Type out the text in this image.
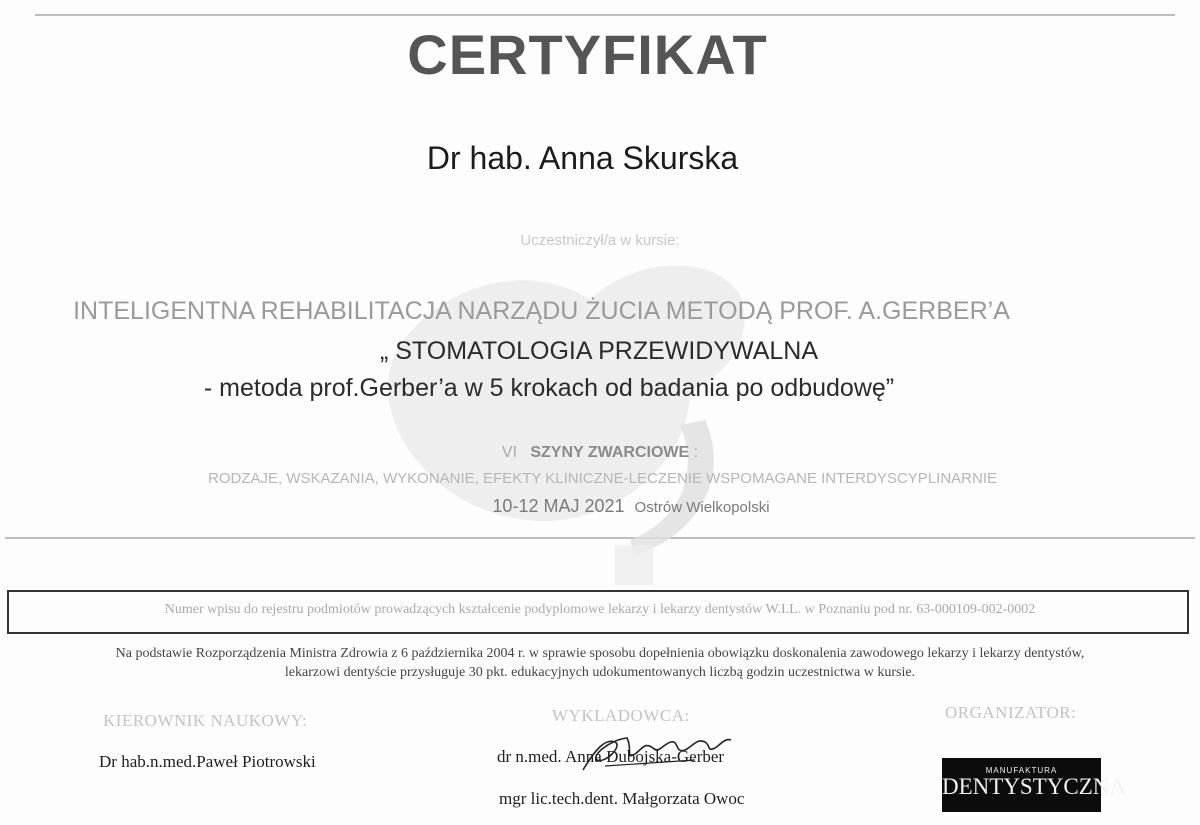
CERTYFIKAT
Dr hab. Anna Skurska
Uczestniczył/a w kursie:
INTELIGENTNA REHABILITACJA NARZĄDU ŻUCIA METODĄ PROF. A.GERBER’A
„ STOMATOLOGIA PRZEWIDYWALNA
- metoda prof.Gerber’a w 5 krokach od badania po odbudowę”
VI SZYNY ZWARCIOWE :
RODZAJE, WSKAZANIA, WYKONANIE, EFEKTY KLINICZNE-LECZENIE WSPOMAGANE INTERDYSCYPLINARNIE
10-12 MAJ 2021 Ostrów Wielkopolski
Numer wpisu do rejestru podmiotów prowadzących kształcenie podyplomowe lekarzy i lekarzy dentystów W.I.L. w Poznaniu pod nr. 63-000109-002-0002
Na podstawie Rozporządzenia Ministra Zdrowia z 6 października 2004 r. w sprawie sposobu dopełnienia obowiązku doskonalenia zawodowego lekarzy i lekarzy dentystów,
lekarzowi dentyście przysługuje 30 pkt. edukacyjnych udokumentowanych liczbą godzin uczestnictwa w kursie.
KIEROWNIK NAUKOWY:	WYKLADOWCA:	ORGANIZATOR:
Dr hab.n.med.Paweł Piotrowski	dr n.med. Anna Dubojska-Gerber
mgr lic.tech.dent. Małgorzata Owoc
MANUFAKTURA
DENTYSTYCZNA
